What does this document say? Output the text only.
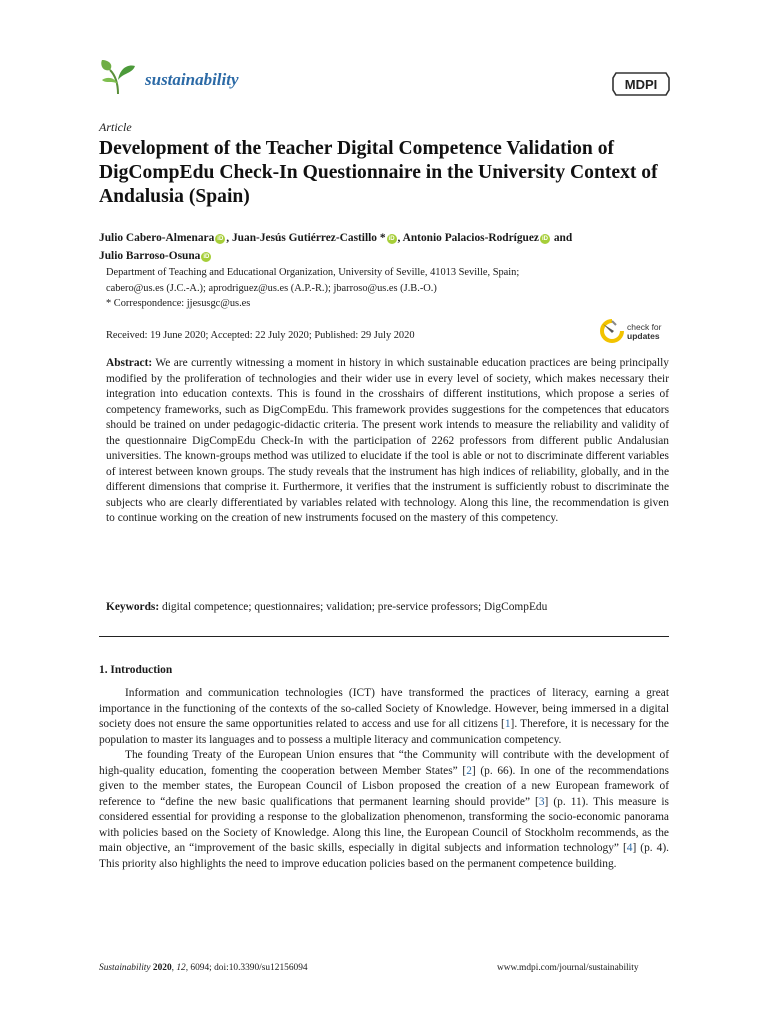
sustainability	MDPI
Article
Development of the Teacher Digital Competence Validation of DigCompEdu Check-In Questionnaire in the University Context of Andalusia (Spain)
Julio Cabero-Almenara iD , Juan-Jesús Gutiérrez-Castillo * iD , Antonio Palacios-Rodríguez iD and
Julio Barroso-Osuna iD
Department of Teaching and Educational Organization, University of Seville, 41013 Seville, Spain;
cabero@us.es (J.C.-A.); aprodriguez@us.es (A.P.-R.); jbarroso@us.es (J.B.-O.)
* Correspondence: jjesusgc@us.es
Received: 19 June 2020; Accepted: 22 July 2020; Published: 29 July 2020
check for
updates
Abstract: We are currently witnessing a moment in history in which sustainable education practices are being principally modified by the proliferation of technologies and their wider use in every level of society, which makes necessary their integration into education contexts. This is found in the crosshairs of different institutions, which propose a series of competency frameworks, such as DigCompEdu. This framework provides suggestions for the competences that educators should be trained on under pedagogic-didactic criteria. The present work intends to measure the reliability and validity of the questionnaire DigCompEdu Check-In with the participation of 2262 professors from different public Andalusian universities. The known-groups method was utilized to elucidate if the tool is able or not to discriminate different variables of interest between known groups. The study reveals that the instrument has high indices of reliability, globally, and in the different dimensions that comprise it. Furthermore, it verifies that the instrument is sufficiently robust to discriminate the subjects who are clearly differentiated by variables related with technology. Along this line, the recommendation is given to continue working on the creation of new instruments focused on the mastery of this competency.
Keywords: digital competence; questionnaires; validation; pre-service professors; DigCompEdu
1. Introduction

Information and communication technologies (ICT) have transformed the practices of literacy, earning a great importance in the functioning of the contexts of the so-called Society of Knowledge. However, being immersed in a digital society does not ensure the same opportunities related to access and use for all citizens [1]. Therefore, it is necessary for the population to master its languages and to possess a multiple literacy and communication competency.

The founding Treaty of the European Union ensures that “the Community will contribute with the development of high-quality education, fomenting the cooperation between Member States” [2] (p. 66). In one of the recommendations given to the member states, the European Council of Lisbon proposed the creation of a new European framework of reference to “define the new basic qualifications that permanent learning should provide” [3] (p. 11). This measure is considered essential for providing a response to the globalization phenomenon, transforming the socio-economic panorama with policies based on the Society of Knowledge. Along this line, the European Council of Stockholm recommends, as the main objective, an “improvement of the basic skills, especially in digital subjects and information technology” [4] (p. 4). This priority also highlights the need to improve education policies based on the permanent competence building.

Sustainability 2020, 12, 6094; doi:10.3390/su12156094	www.mdpi.com/journal/sustainability
